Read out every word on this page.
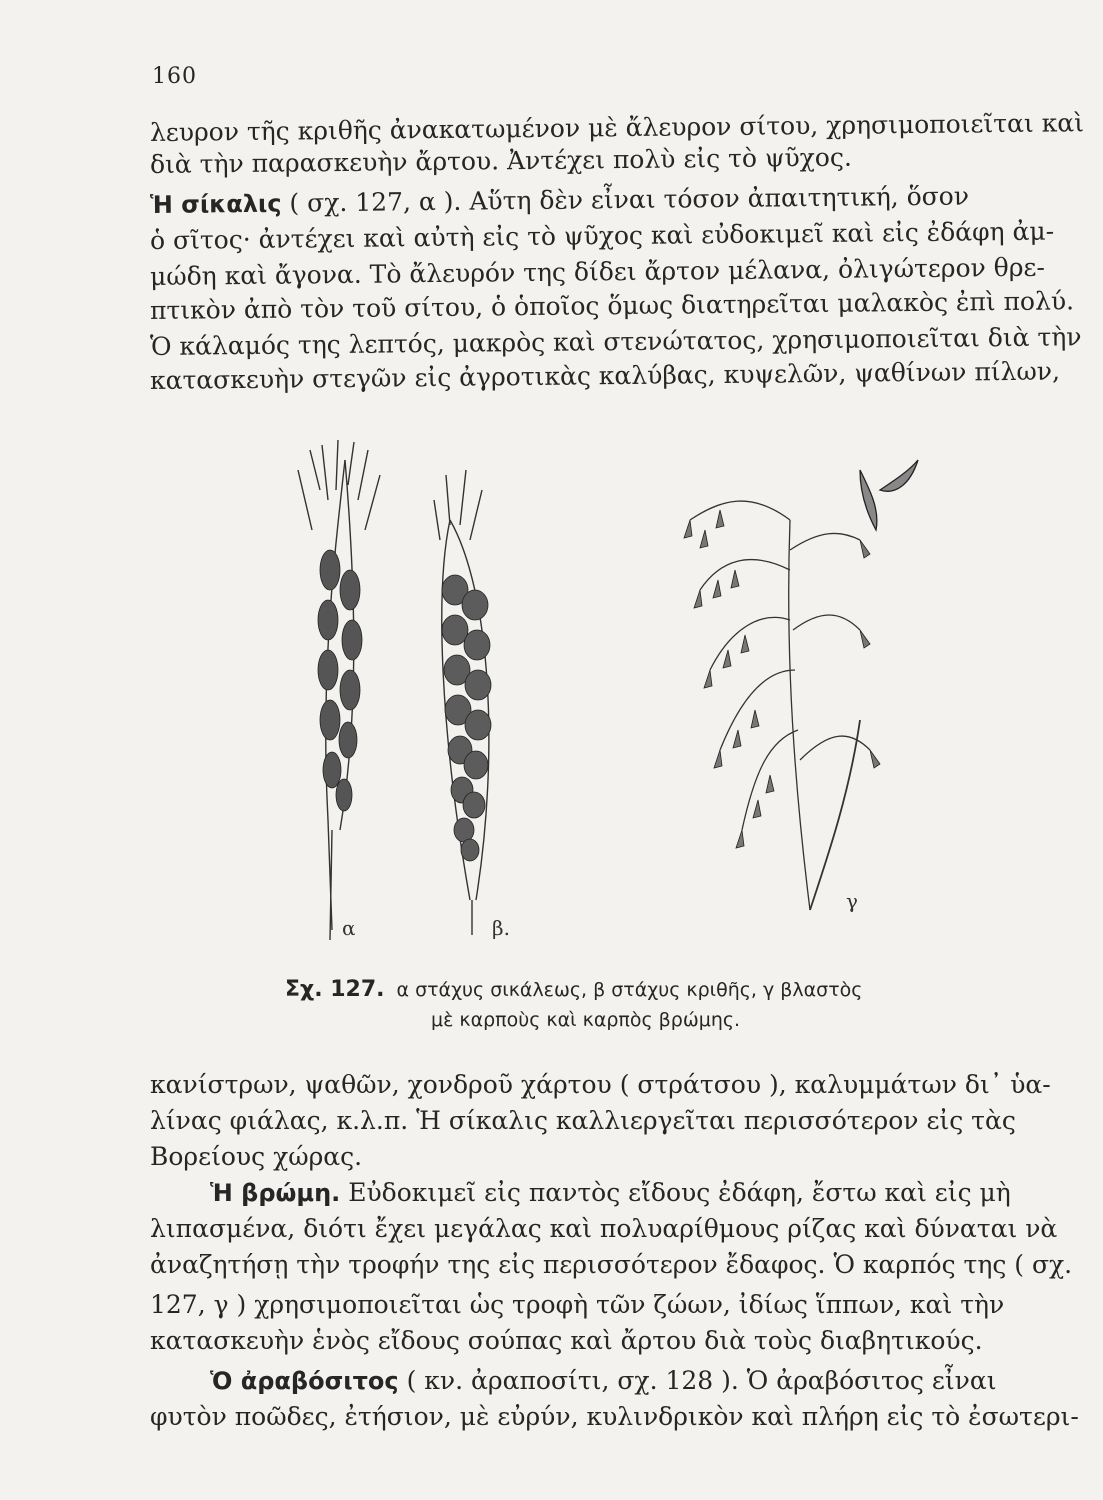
160
λευρον τῆς κριθῆς ἀνακατωμένον μὲ ἄλευρον σίτου, χρησιμοποιεῖται καὶ
διὰ τὴν παρασκευὴν ἄρτου. Ἀντέχει πολὺ εἰς τὸ ψῦχος.
Ἡ σίκαλις ( σχ. 127, α ). Αὕτη δὲν εἶναι τόσον ἀπαιτητική, ὅσον
ὁ σῖτος· ἀντέχει καὶ αὐτὴ εἰς τὸ ψῦχος καὶ εὐδοκιμεῖ καὶ εἰς ἐδάφη ἀμ-
μώδη καὶ ἄγονα. Τὸ ἄλευρόν της δίδει ἄρτον μέλανα, ὀλιγώτερον θρε-
πτικὸν ἀπὸ τὸν τοῦ σίτου, ὁ ὁποῖος ὅμως διατηρεῖται μαλακὸς ἐπὶ πολύ.
Ὁ κάλαμός της λεπτός, μακρὸς καὶ στενώτατος, χρησιμοποιεῖται διὰ τὴν
κατασκευὴν στεγῶν εἰς ἀγροτικὰς καλύβας, κυψελῶν, ψαθίνων πίλων,
α	β.
γ
Σχ. 127. α στάχυς σικάλεως, β στάχυς κριθῆς, γ βλαστὸς
μὲ καρποὺς καὶ καρπὸς βρώμης.
κανίστρων, ψαθῶν, χονδροῦ χάρτου ( στράτσου ), καλυμμάτων δι᾽ ὑα-
λίνας φιάλας, κ.λ.π. Ἡ σίκαλις καλλιεργεῖται περισσότερον εἰς τὰς
Βορείους χώρας.
Ἡ βρώμη. Εὐδοκιμεῖ εἰς παντὸς εἴδους ἐδάφη, ἔστω καὶ εἰς μὴ
λιπασμένα, διότι ἔχει μεγάλας καὶ πολυαρίθμους ρίζας καὶ δύναται νὰ
ἀναζητήσῃ τὴν τροφήν της εἰς περισσότερον ἔδαφος. Ὁ καρπός της ( σχ.
127, γ ) χρησιμοποιεῖται ὡς τροφὴ τῶν ζώων, ἰδίως ἵππων, καὶ τὴν
κατασκευὴν ἑνὸς εἴδους σούπας καὶ ἄρτου διὰ τοὺς διαβητικούς.
Ὁ ἀραβόσιτος ( κν. ἀραποσίτι, σχ. 128 ). Ὁ ἀραβόσιτος εἶναι
φυτὸν ποῶδες, ἐτήσιον, μὲ εὐρύν, κυλινδρικὸν καὶ πλήρη εἰς τὸ ἐσωτερι-
